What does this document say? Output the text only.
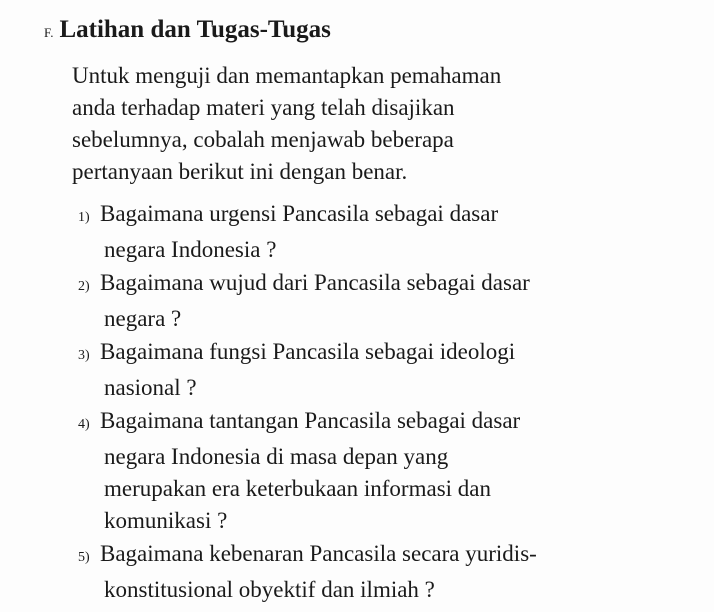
F. Latihan dan Tugas-Tugas
Untuk menguji dan memantapkan pemahaman
anda terhadap materi yang telah disajikan
sebelumnya, cobalah menjawab beberapa
pertanyaan berikut ini dengan benar.
1) Bagaimana urgensi Pancasila sebagai dasar
negara Indonesia ?
2) Bagaimana wujud dari Pancasila sebagai dasar
negara ?
3) Bagaimana fungsi Pancasila sebagai ideologi
nasional ?
4) Bagaimana tantangan Pancasila sebagai dasar
negara Indonesia di masa depan yang
merupakan era keterbukaan informasi dan
komunikasi ?
5) Bagaimana kebenaran Pancasila secara yuridis-
konstitusional obyektif dan ilmiah ?
